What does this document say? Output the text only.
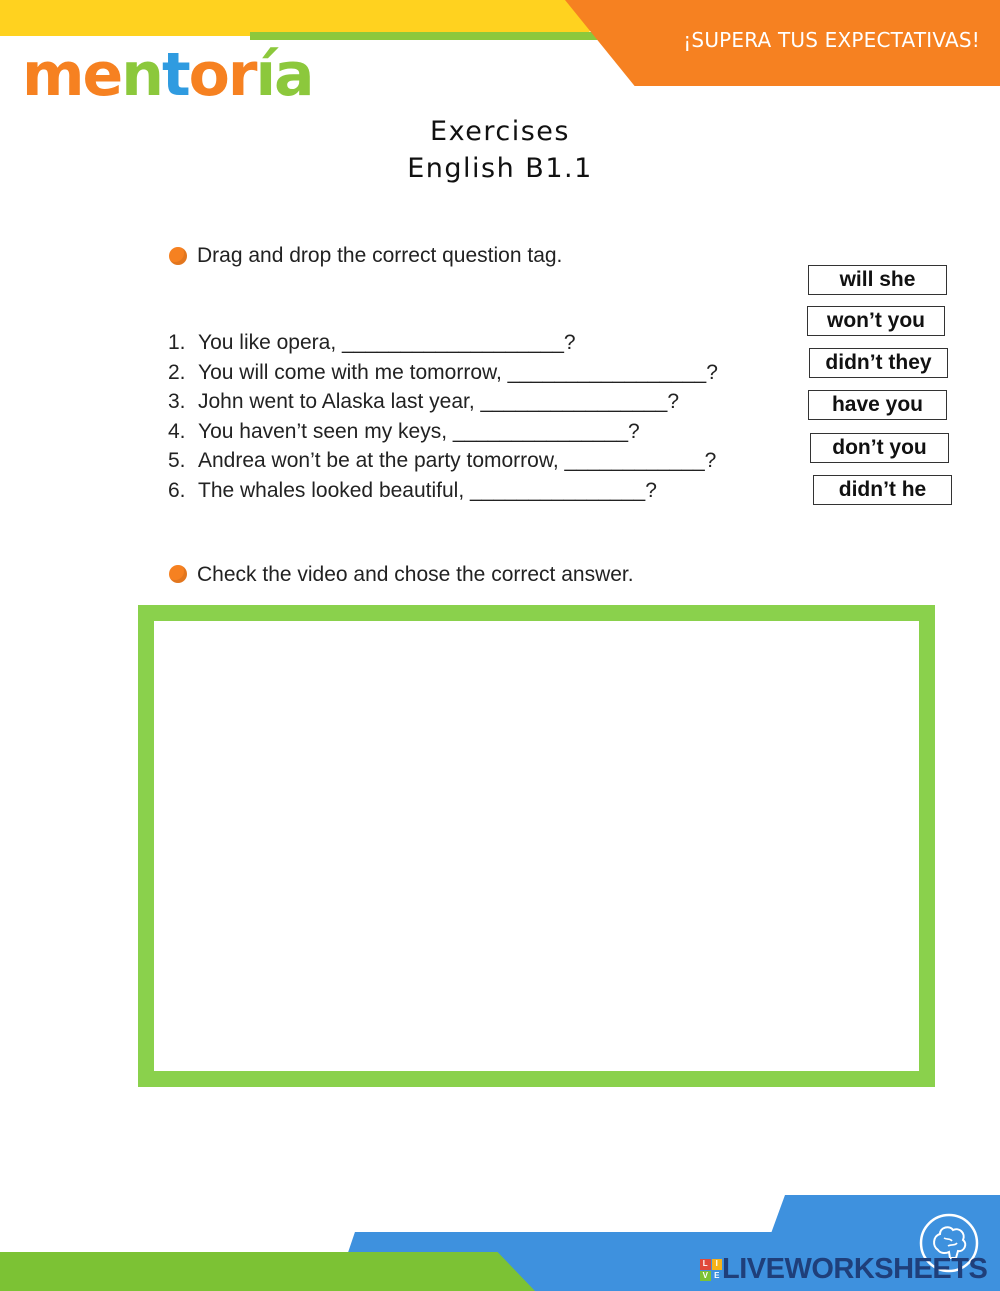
¡SUPERA TUS EXPECTATIVAS!
mentoría
Exercises
English B1.1
Drag and drop the correct question tag.
1. You like opera, ___________________?
2. You will come with me tomorrow, _________________?
3. John went to Alaska last year, ________________?
4. You haven’t seen my keys, _______________?
5. Andrea won’t be at the party tomorrow, ____________?
6. The whales looked beautiful, _______________?
will she
won’t you
didn’t they
have you
don’t you
didn’t he
Check the video and chose the correct answer.
L I
V E LIVEWORKSHEETS
